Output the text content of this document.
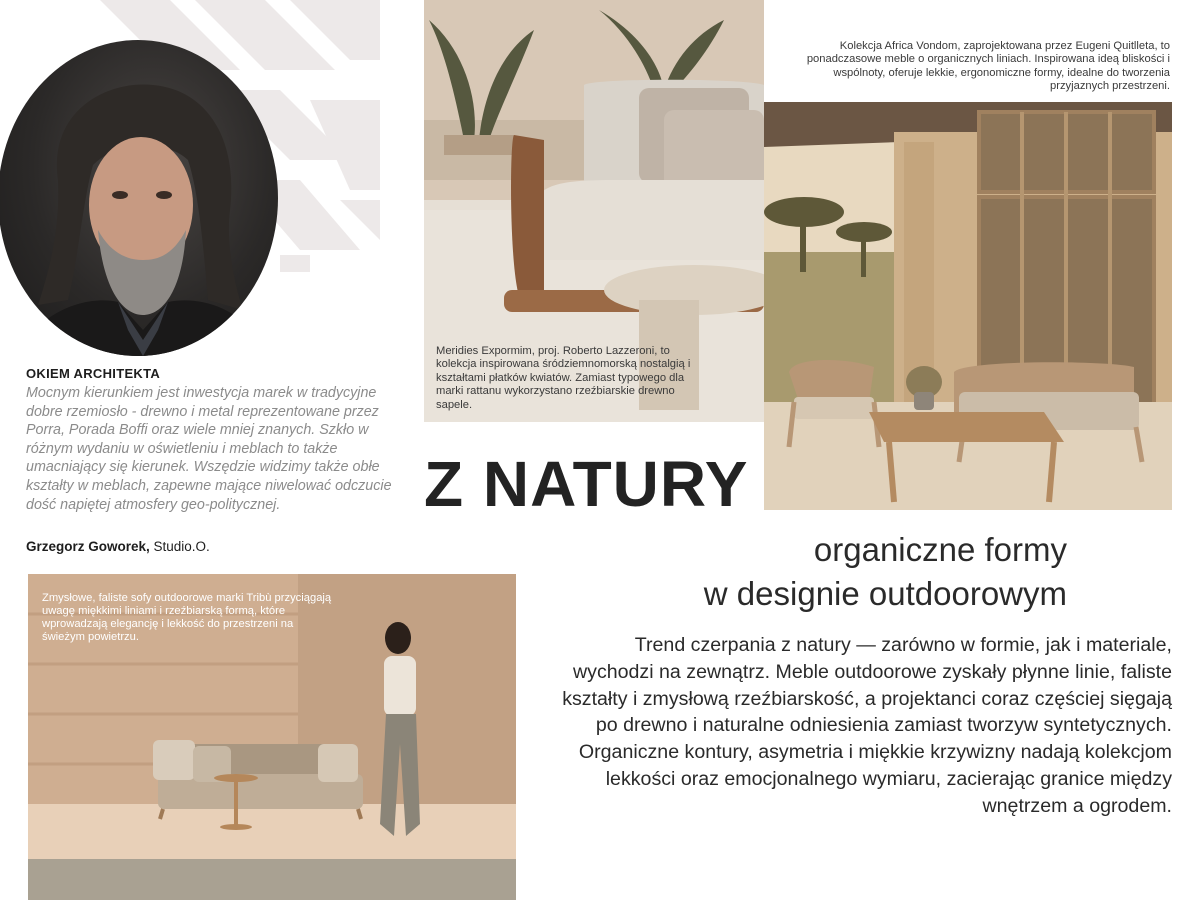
OKIEM ARCHITEKTA
Mocnym kierunkiem jest inwestycja marek w tradycyjne dobre rzemiosło - drewno i metal reprezentowane przez Porra, Porada Boffi oraz wiele mniej znanych. Szkło w różnym wydaniu w oświetleniu i meblach to także umacniający się kierunek. Wszędzie widzimy także obłe kształty w meblach, zapewne mające niwelować odczucie dość napiętej atmosfery geo-politycznej.
Grzegorz Goworek, Studio.O.
Meridies Expormim, proj. Roberto Lazzeroni, to kolekcja inspirowana śródziemnomorską nostalgią i kształtami płatków kwiatów. Zamiast typowego dla marki rattanu wykorzystano rzeźbiarskie drewno sapele.
Kolekcja Africa Vondom, zaprojektowana przez Eugeni Quitlleta, to ponadczasowe meble o organicznych liniach. Inspirowana ideą bliskości i wspólnoty, oferuje lekkie, ergonomiczne formy, idealne do tworzenia przyjaznych przestrzeni.
Zmysłowe, faliste sofy outdoorowe marki Tribù przyciągają uwagę miękkimi liniami i rzeźbiarską formą, które wprowadzają elegancję i lekkość do przestrzeni na świeżym powietrzu.
Z NATURY
organiczne formy
w designie outdoorowym
Trend czerpania z natury — zarówno w formie, jak i materiale, wychodzi na zewnątrz. Meble outdoorowe zyskały płynne linie, faliste kształty i zmysłową rzeźbiarskość, a projektanci coraz częściej sięgają po drewno i naturalne odniesienia zamiast tworzyw syntetycznych. Organiczne kontury, asymetria i miękkie krzywizny nadają kolekcjom lekkości oraz emocjonalnego wymiaru, zacierając granice między wnętrzem a ogrodem.
